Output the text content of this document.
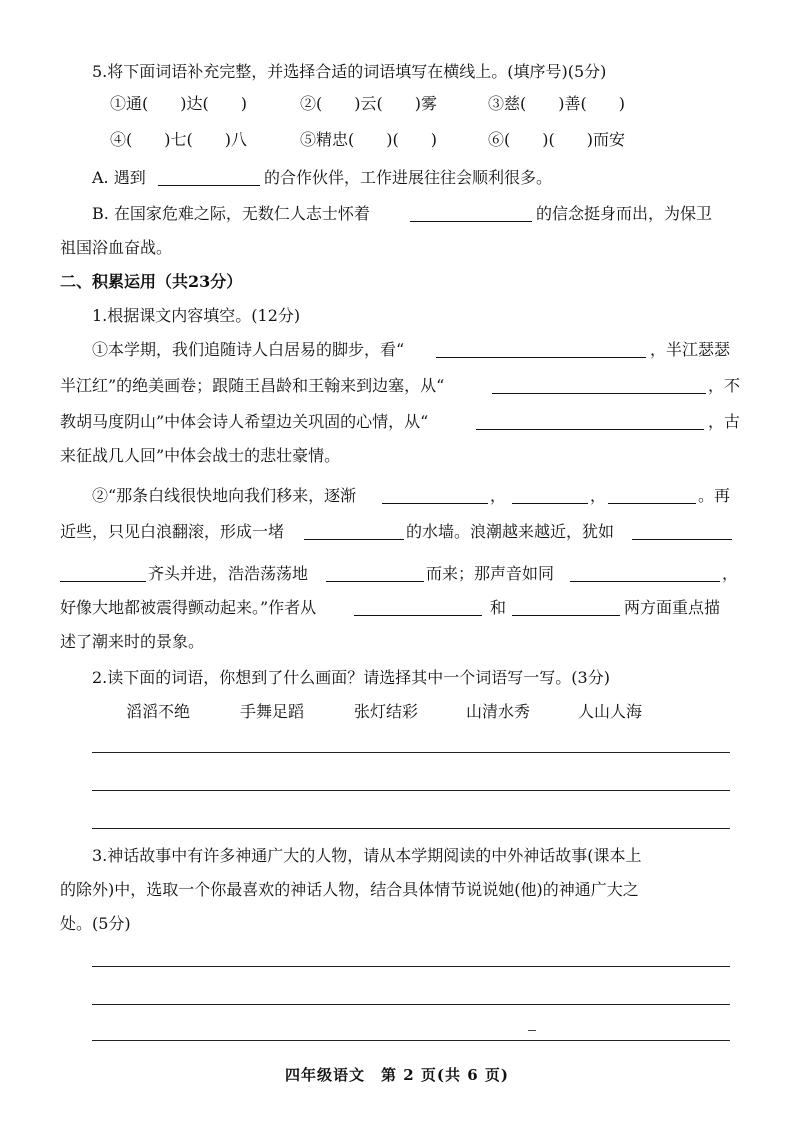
5.将下面词语补充完整，并选择合适的词语填写在横线上。(填序号)(5分)
①通(　　)达(　　)	②(　　)云(　　)雾	③慈(　　)善(　　)
④(　　)七(　　)八	⑤精忠(　　)(　　)	⑥(　　)(　　)而安
A. 遇到	的合作伙伴，工作进展往往会顺利很多。
B. 在国家危难之际，无数仁人志士怀着	的信念挺身而出，为保卫
祖国浴血奋战。
二、积累运用（共23分）
1.根据课文内容填空。(12分)
①本学期，我们追随诗人白居易的脚步，看“	，半江瑟瑟
半江红”的绝美画卷；跟随王昌龄和王翰来到边塞，从“	，不
教胡马度阴山”中体会诗人希望边关巩固的心情，从“	，古
来征战几人回”中体会战士的悲壮豪情。
②“那条白线很快地向我们移来，逐渐	，	，	。再
近些，只见白浪翻滚，形成一堵	的水墙。浪潮越来越近，犹如
齐头并进，浩浩荡荡地	而来；那声音如同	，
好像大地都被震得颤动起来。”作者从	和	两方面重点描
述了潮来时的景象。
2.读下面的词语，你想到了什么画面？请选择其中一个词语写一写。(3分)
滔滔不绝	手舞足蹈	张灯结彩	山清水秀	人山人海
3.神话故事中有许多神通广大的人物，请从本学期阅读的中外神话故事(课本上
的除外)中，选取一个你最喜欢的神话人物，结合具体情节说说她(他)的神通广大之
处。(5分)
四年级语文　第 2 页(共 6 页)
